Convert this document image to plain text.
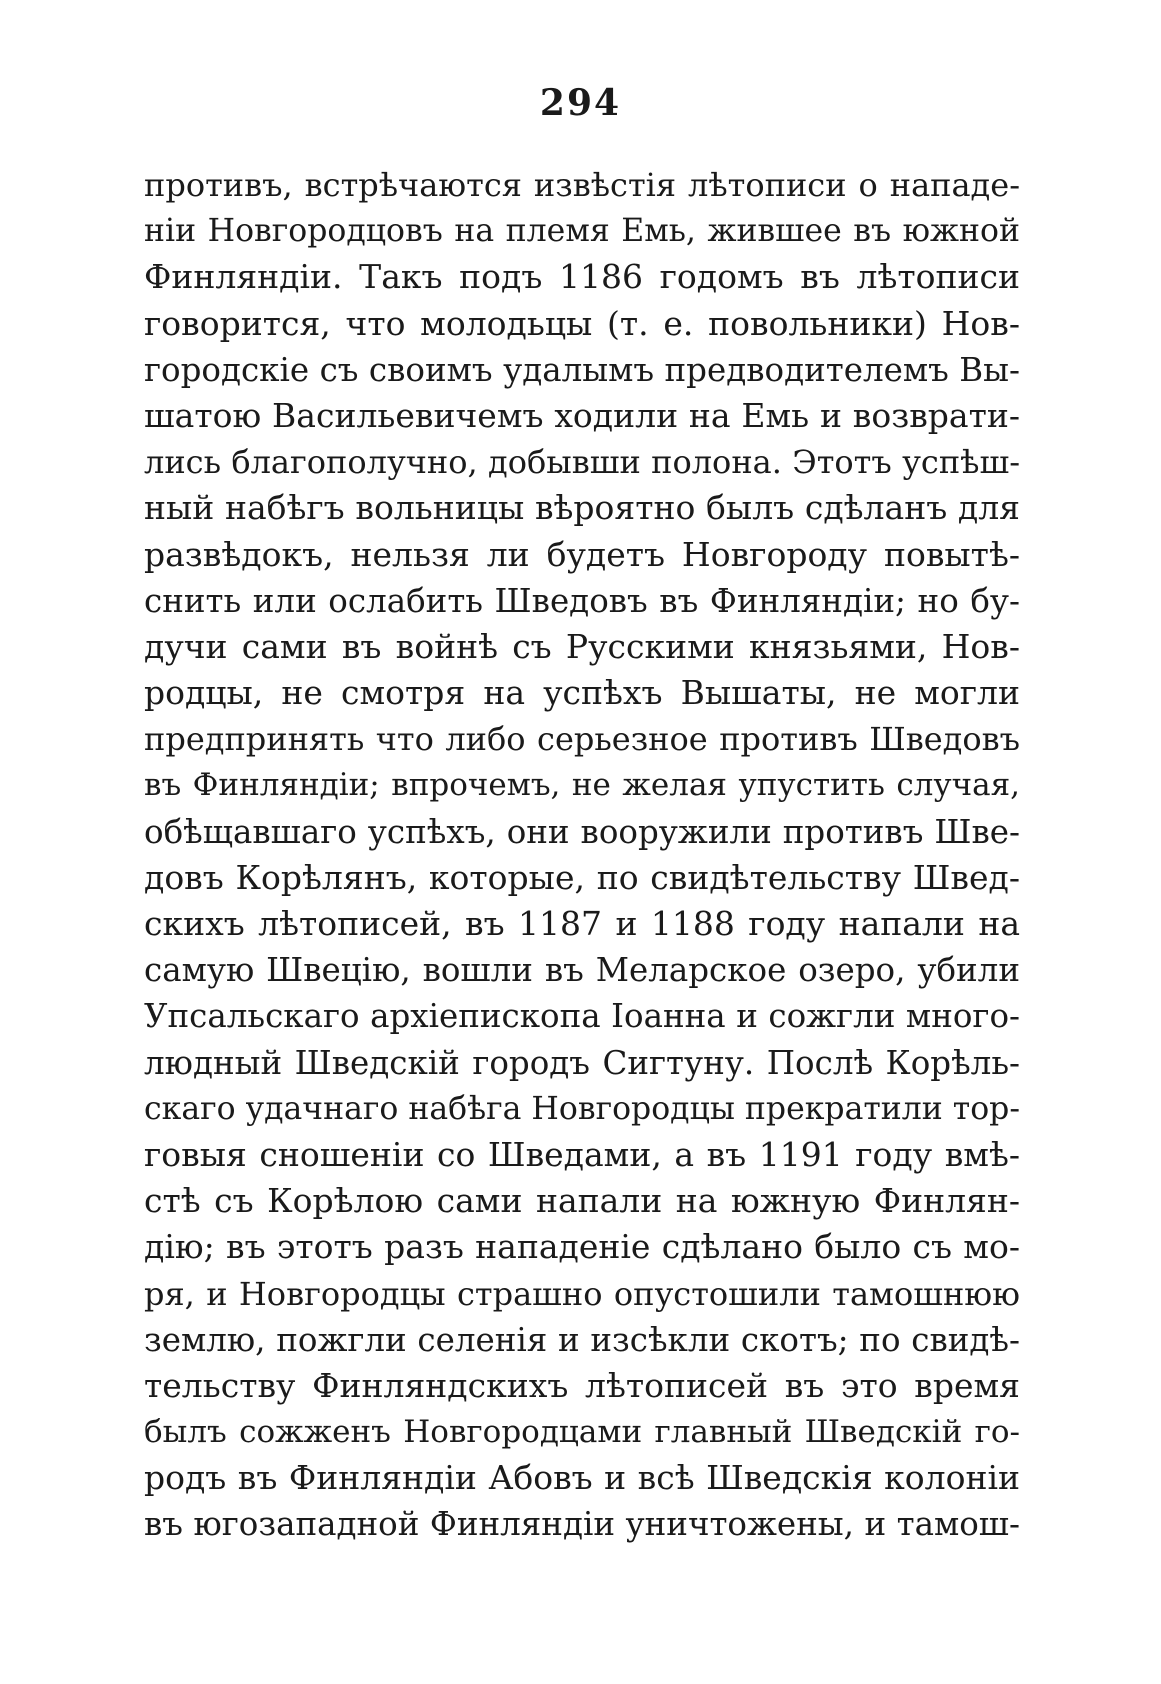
294
противъ, встрѣчаются извѣстія лѣтописи о нападе-
ніи Новгородцовъ на племя Емь, жившее въ южной
Финляндіи. Такъ подъ 1186 годомъ въ лѣтописи
говорится, что молодьцы (т. е. повольники) Нов-
городскіе съ своимъ удалымъ предводителемъ Вы-
шатою Васильевичемъ ходили на Емь и возврати-
лись благополучно, добывши полона. Этотъ успѣш-
ный набѣгъ вольницы вѣроятно былъ сдѣланъ для
развѣдокъ, нельзя ли будетъ Новгороду повытѣ-
снить или ослабить Шведовъ въ Финляндіи; но бу-
дучи сами въ войнѣ съ Русскими князьями, Нов-
родцы, не смотря на успѣхъ Вышаты, не могли
предпринять что либо серьезное противъ Шведовъ
въ Финляндіи; впрочемъ, не желая упустить случая,
обѣщавшаго успѣхъ, они вооружили противъ Шве-
довъ Корѣлянъ, которые, по свидѣтельству Швед-
скихъ лѣтописей, въ 1187 и 1188 году напали на
самую Швецію, вошли въ Меларское озеро, убили
Упсальскаго архіепископа Іоанна и сожгли много-
людный Шведскій городъ Сигтуну. Послѣ Корѣль-
скаго удачнаго набѣга Новгородцы прекратили тор-
говыя сношеніи со Шведами, а въ 1191 году вмѣ-
стѣ съ Корѣлою сами напали на южную Финлян-
дію; въ этотъ разъ нападеніе сдѣлано было съ мо-
ря, и Новгородцы страшно опустошили тамошнюю
землю, пожгли селенія и изсѣкли скотъ; по свидѣ-
тельству Финляндскихъ лѣтописей въ это время
былъ сожженъ Новгородцами главный Шведскій го-
родъ въ Финляндіи Абовъ и всѣ Шведскія колоніи
въ югозападной Финляндіи уничтожены, и тамош-
